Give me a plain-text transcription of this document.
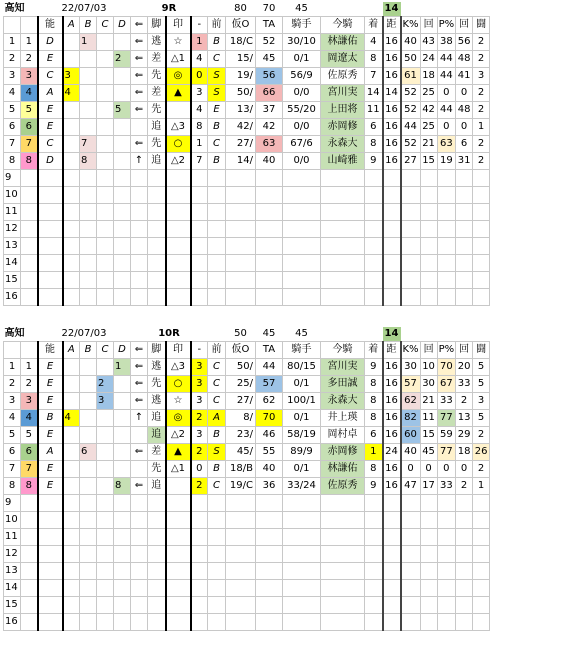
高知		22/07/03						9R				80	70	45			14					
		能	A	B	C	D	⇐	脚	印	-	前	仮O	TA	騎手	今騎	着	距	K%	回	P%	回	闘
1	1	D		1			⇐	逃	☆	1	B	18/C	52	30/10	林謙佑	4	16	40	43	38	56	2
2	2	E				2	⇐	差	△1	4	C	15/	45	0/1	岡遼太	8	16	50	24	44	48	2
3	3	C	3				⇐	先	◎	0	S	19/	56	56/9	佐原秀	7	16	61	18	44	41	3
4	4	A	4				⇐	差	▲	3	S	50/	66	0/0	宮川実	14	14	52	25	0	0	2
5	5	E				5	⇐	先		4	E	13/	37	55/20	上田将	11	16	52	42	44	48	2
6	6	E						追	△3	8	B	42/	42	0/0	赤岡修	6	16	44	25	0	0	1
7	7	C		7			⇐	先	○	1	C	27/	63	67/6	永森大	8	16	52	21	63	6	2
8	8	D		8			↑	追	△2	7	B	14/	40	0/0	山崎雅	9	16	27	15	19	31	2
9																						
10																						
11																						
12																						
13																						
14																						
15																						
16																						
高知		22/07/03						10R				50	45	45			14					
		能	A	B	C	D	⇐	脚	印	-	前	仮O	TA	騎手	今騎	着	距	K%	回	P%	回	闘
1	1	E				1	⇐	逃	△3	3	C	50/	44	80/15	宮川実	9	16	30	10	70	20	5
2	2	E			2		⇐	先	○	3	C	25/	57	0/1	多田誠	8	16	57	30	67	33	5
3	3	E			3		⇐	逃	☆	3	C	27/	62	100/1	永森大	8	16	62	21	33	2	3
4	4	B	4				↑	追	◎	2	A	8/	70	0/1	井上瑛	8	16	82	11	77	13	5
5	5	E						追	△2	3	B	23/	46	58/19	岡村卓	6	16	60	15	59	29	2
6	6	A		6			⇐	差	▲	2	S	45/	55	89/9	赤岡修	1	24	40	45	77	18	26
7	7	E						先	△1	0	B	18/B	40	0/1	林謙佑	8	16	0	0	0	0	2
8	8	E				8	⇐	追		2	C	19/C	36	33/24	佐原秀	9	16	47	17	33	2	1
9																						
10																						
11																						
12																						
13																						
14																						
15																						
16																						
